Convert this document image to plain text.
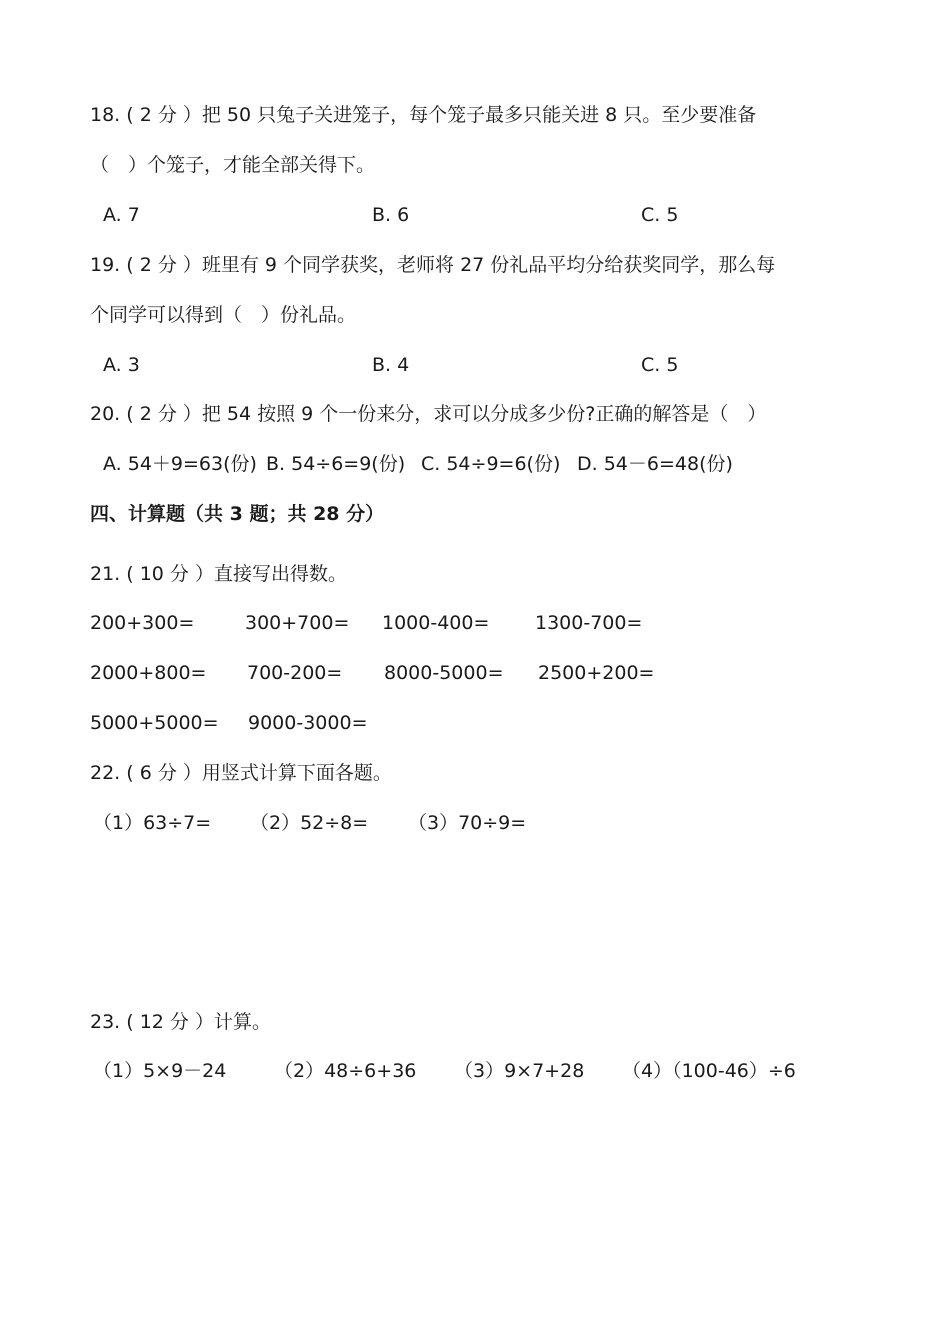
18. ( 2 分 ）把 50 只兔子关进笼子，每个笼子最多只能关进 8 只。至少要准备
（　）个笼子，才能全部关得下。
A. 7	B. 6	C. 5
19. ( 2 分 ）班里有 9 个同学获奖，老师将 27 份礼品平均分给获奖同学，那么每
个同学可以得到（　）份礼品。
A. 3	B. 4	C. 5
20. ( 2 分 ）把 54 按照 9 个一份来分，求可以分成多少份?正确的解答是（　）
A. 54＋9=63(份) B. 54÷6=9(份) C. 54÷9=6(份) D. 54－6=48(份)
四、计算题（共 3 题；共 28 分）
21. ( 10 分 ）直接写出得数。
200+300=	300+700= 1000-400= 1300-700=
2000+800= 700-200= 8000-5000= 2500+200=
5000+5000= 9000-3000=
22. ( 6 分 ）用竖式计算下面各题。
（1）63÷7= （2）52÷8= （3）70÷9=
23. ( 12 分 ）计算。
（1）5×9－24	（2）48÷6+36 （3）9×7+28 （4）（100-46）÷6
